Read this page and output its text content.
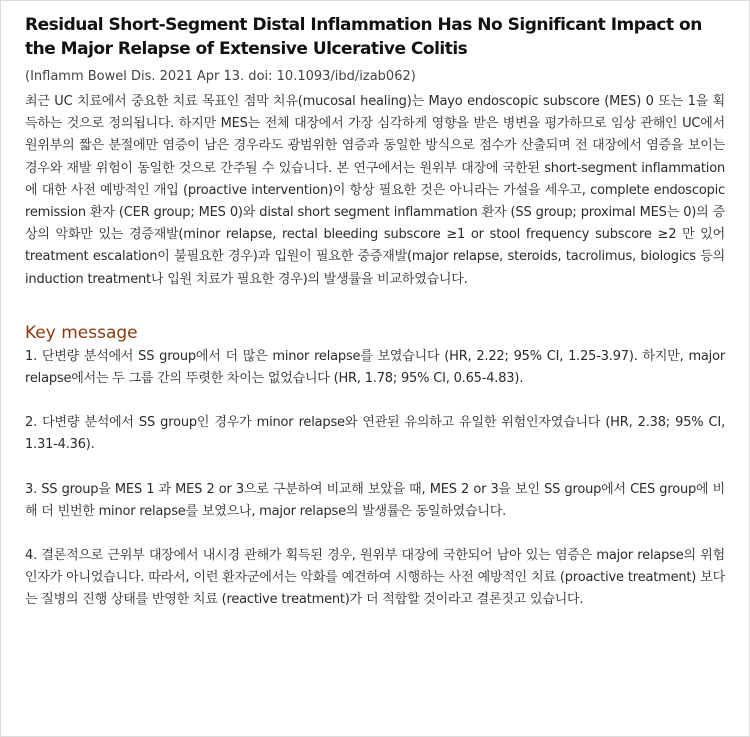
Residual Short-Segment Distal Inflammation Has No Significant Impact on the Major Relapse of Extensive Ulcerative Colitis
(Inflamm Bowel Dis. 2021 Apr 13. doi: 10.1093/ibd/izab062)

최근 UC 치료에서 중요한 치료 목표인 점막 치유(mucosal healing)는 Mayo endoscopic subscore (MES) 0 또는 1을 획득하는 것으로 정의됩니다. 하지만 MES는 전체 대장에서 가장 심각하게 영향을 받은 병변을 평가하므로 임상 관해인 UC에서 원위부의 짧은 분절에만 염증이 남은 경우라도 광범위한 염증과 동일한 방식으로 점수가 산출되며 전 대장에서 염증을 보이는 경우와 재발 위험이 동일한 것으로 간주될 수 있습니다. 본 연구에서는 원위부 대장에 국한된 short-segment inflammation에 대한 사전 예방적인 개입 (proactive intervention)이 항상 필요한 것은 아니라는 가설을 세우고, complete endoscopic remission 환자 (CER group; MES 0)와 distal short segment inflammation 환자 (SS group; proximal MES는 0)의 증상의 악화만 있는 경증재발(minor relapse, rectal bleeding subscore ≥1 or stool frequency subscore ≥2 만 있어 treatment escalation이 불필요한 경우)과 입원이 필요한 중증재발(major relapse, steroids, tacrolimus, biologics 등의 induction treatment나 입원 치료가 필요한 경우)의 발생률을 비교하였습니다.

Key message

1. 단변량 분석에서 SS group에서 더 많은 minor relapse를 보였습니다 (HR, 2.22; 95% CI, 1.25-3.97). 하지만, major relapse에서는 두 그룹 간의 뚜렷한 차이는 없었습니다 (HR, 1.78; 95% CI, 0.65-4.83).

2. 다변량 분석에서 SS group인 경우가 minor relapse와 연관된 유의하고 유일한 위험인자였습니다 (HR, 2.38; 95% CI, 1.31-4.36).

3. SS group을 MES 1 과 MES 2 or 3으로 구분하여 비교해 보았을 때, MES 2 or 3을 보인 SS group에서 CES group에 비해 더 빈번한 minor relapse를 보였으나, major relapse의 발생률은 동일하였습니다.

4. 결론적으로 근위부 대장에서 내시경 관해가 획득된 경우, 원위부 대장에 국한되어 남아 있는 염증은 major relapse의 위험 인자가 아니었습니다. 따라서, 이런 환자군에서는 악화를 예견하여 시행하는 사전 예방적인 치료 (proactive treatment) 보다는 질병의 진행 상태를 반영한 치료 (reactive treatment)가 더 적합할 것이라고 결론짓고 있습니다.
